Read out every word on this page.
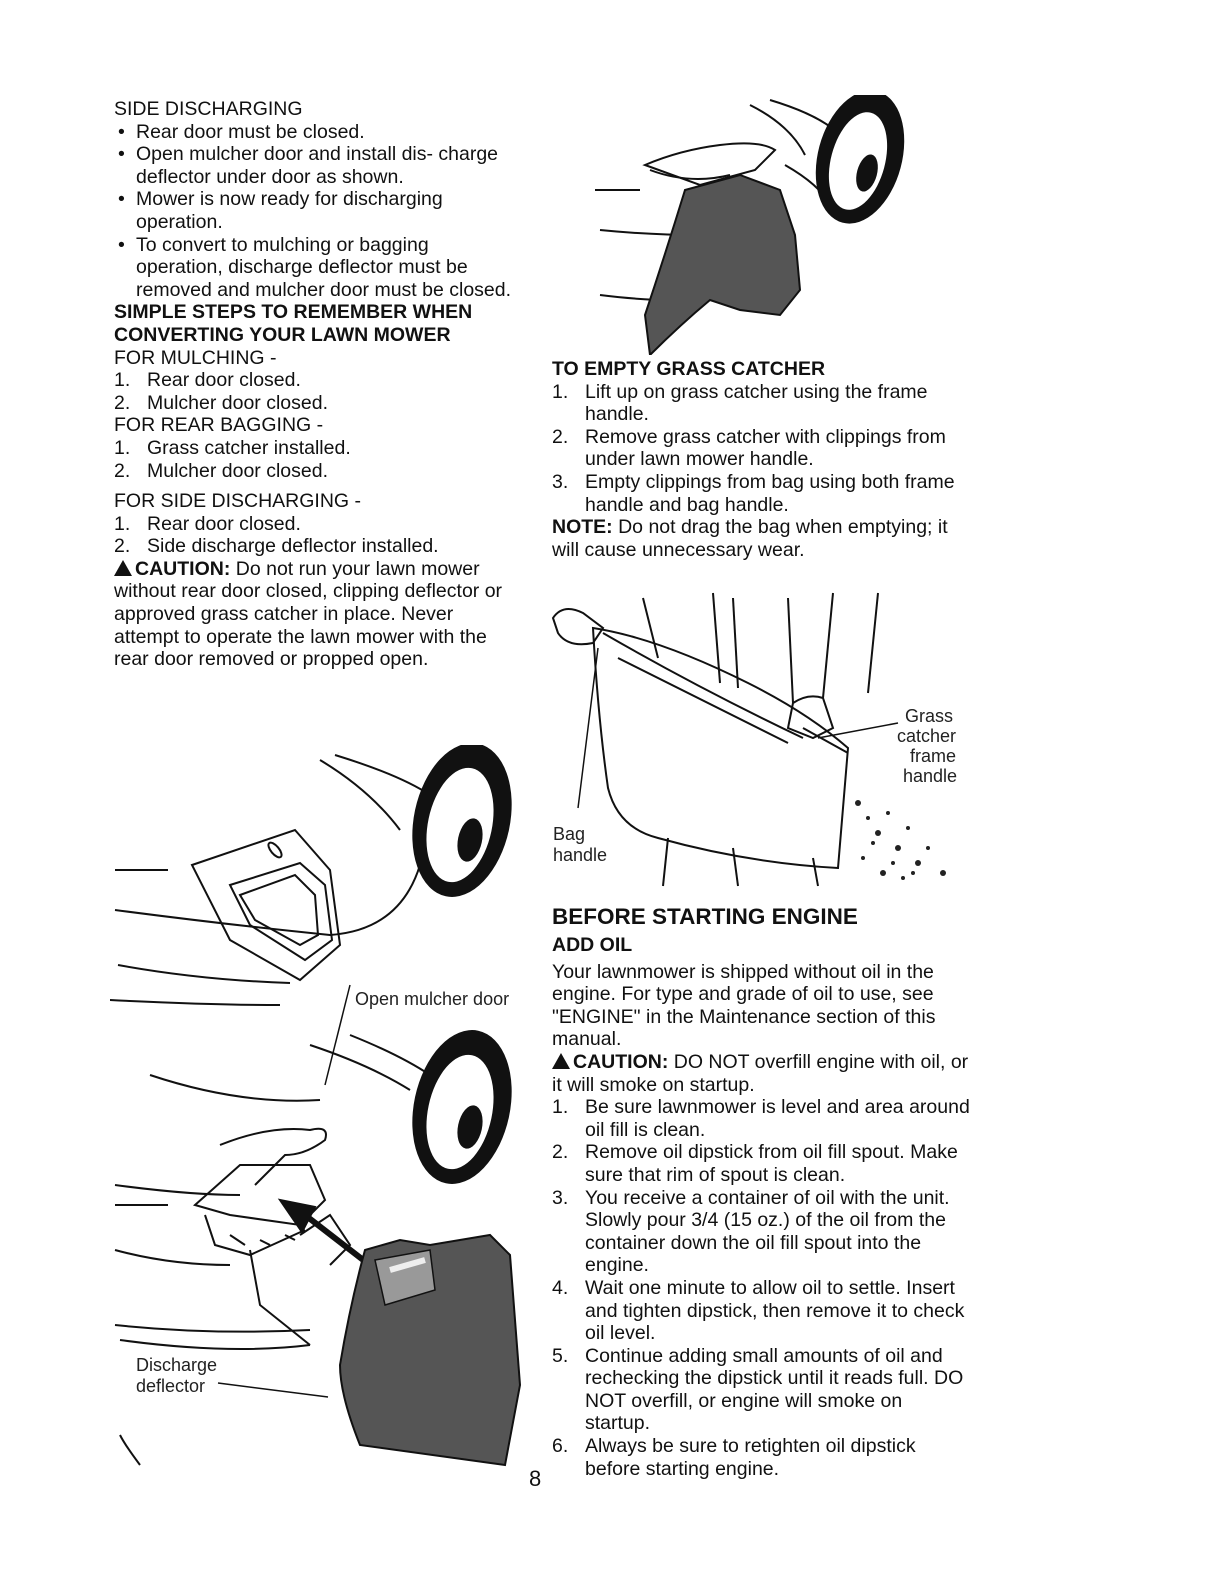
SIDE DISCHARGING

• Rear door must be closed.
• Open mulcher door and install dis- charge deflector under door as shown.
• Mower is now ready for discharging operation.
• To convert to mulching or bagging operation, discharge deflector must be removed and mulcher door must be closed.

SIMPLE STEPS TO REMEMBER WHEN

CONVERTING YOUR LAWN MOWER

FOR MULCHING -

1. Rear door closed.
2. Mulcher door closed.

FOR REAR BAGGING -

1. Grass catcher installed.
2. Mulcher door closed.

FOR SIDE DISCHARGING -

1. Rear door closed.
2. Side discharge deflector installed.

CAUTION: Do not run your lawn mower without rear door closed, clipping deflector or approved grass catcher in place. Never attempt to operate the lawn mower with the rear door removed or propped open.

Open mulcher door
Discharge
deflector

TO EMPTY GRASS CATCHER

1. Lift up on grass catcher using the frame handle.
2. Remove grass catcher with clippings from under lawn mower handle.
3. Empty clippings from bag using both frame handle and bag handle.

NOTE: Do not drag the bag when emptying; it will cause unnecessary wear.

Grass
catcher
frame
handle
Bag
handle

BEFORE STARTING ENGINE

ADD OIL

Your lawnmower is shipped without oil in the engine. For type and grade of oil to use, see "ENGINE" in the Maintenance section of this manual.

CAUTION: DO NOT overfill engine with oil, or it will smoke on startup.

1. Be sure lawnmower is level and area around oil fill is clean.
2. Remove oil dipstick from oil fill spout. Make sure that rim of spout is clean.
3. You receive a container of oil with the unit. Slowly pour 3/4 (15 oz.) of the oil from the container down the oil fill spout into the engine.
4. Wait one minute to allow oil to settle. Insert and tighten dipstick, then remove it to check oil level.
5. Continue adding small amounts of oil and rechecking the dipstick until it reads full. DO NOT overfill, or engine will smoke on startup.
6. Always be sure to retighten oil dipstick before starting engine.
8
